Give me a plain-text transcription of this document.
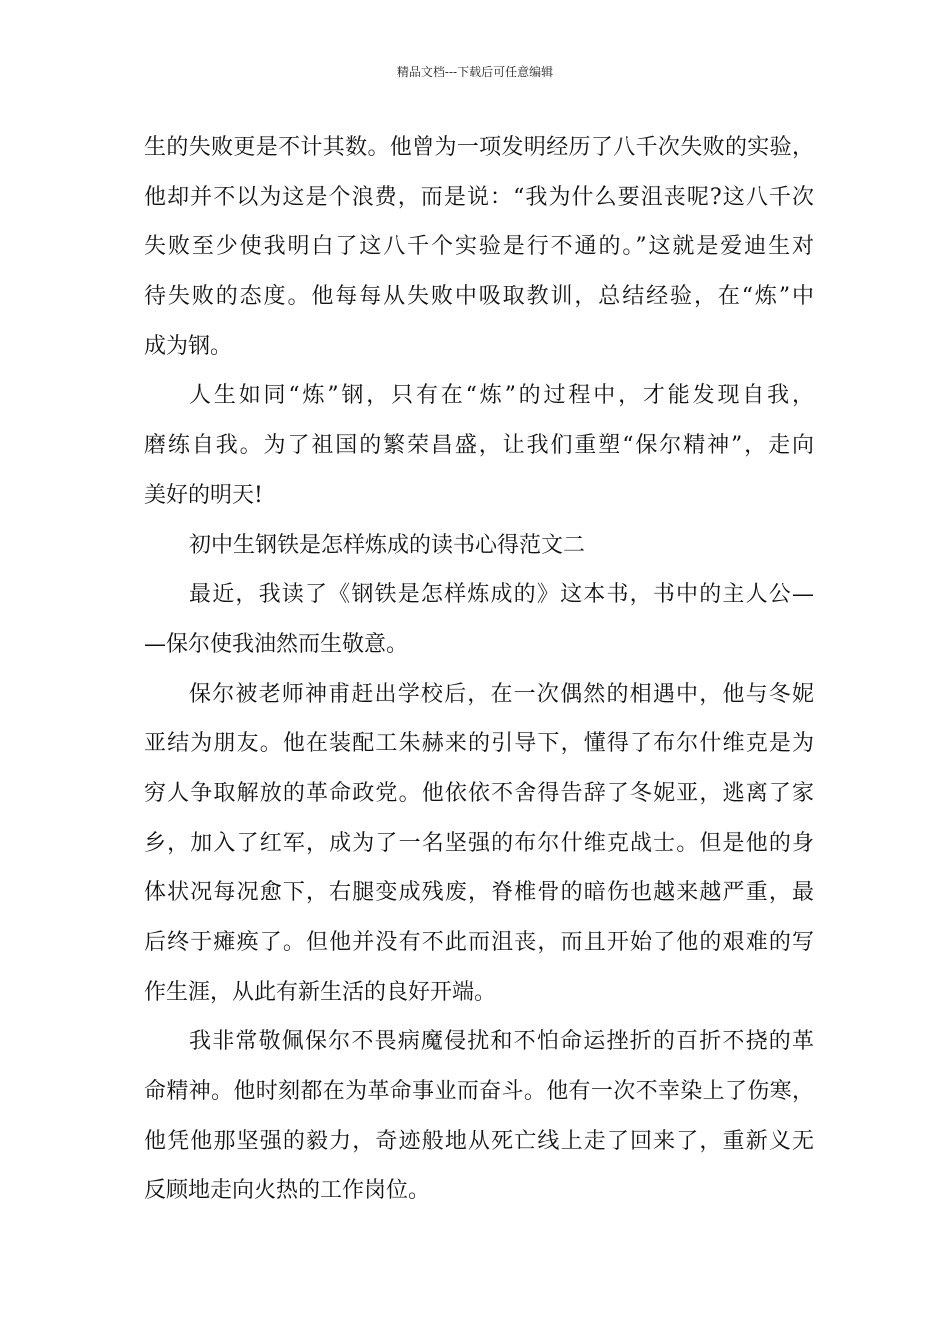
精品文档---下载后可任意编辑
生的失败更是不计其数。他曾为一项发明经历了八千次失败的实验，
他却并不以为这是个浪费，而是说：“我为什么要沮丧呢?这八千次
失败至少使我明白了这八千个实验是行不通的。”这就是爱迪生对
待失败的态度。他每每从失败中吸取教训，总结经验，在“炼”中
成为钢。
人生如同“炼”钢，只有在“炼”的过程中，才能发现自我，
磨练自我。为了祖国的繁荣昌盛，让我们重塑“保尔精神”，走向
美好的明天!
初中生钢铁是怎样炼成的读书心得范文二
最近，我读了《钢铁是怎样炼成的》这本书，书中的主人公—
—保尔使我油然而生敬意。
保尔被老师神甫赶出学校后，在一次偶然的相遇中，他与冬妮
亚结为朋友。他在装配工朱赫来的引导下，懂得了布尔什维克是为
穷人争取解放的革命政党。他依依不舍得告辞了冬妮亚，逃离了家
乡，加入了红军，成为了一名坚强的布尔什维克战士。但是他的身
体状况每况愈下，右腿变成残废，脊椎骨的暗伤也越来越严重，最
后终于瘫痪了。但他并没有不此而沮丧，而且开始了他的艰难的写
作生涯，从此有新生活的良好开端。
我非常敬佩保尔不畏病魔侵扰和不怕命运挫折的百折不挠的革
命精神。他时刻都在为革命事业而奋斗。他有一次不幸染上了伤寒，
他凭他那坚强的毅力，奇迹般地从死亡线上走了回来了，重新义无
反顾地走向火热的工作岗位。
